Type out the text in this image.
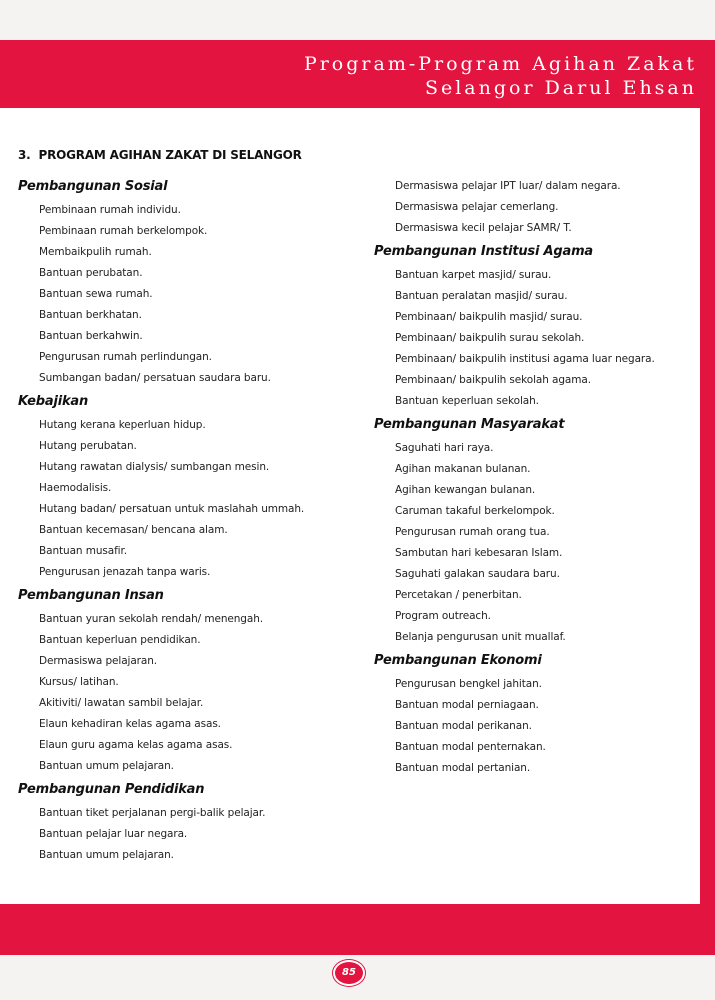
Program-Program Agihan Zakat
Selangor Darul Ehsan
3. PROGRAM AGIHAN ZAKAT DI SELANGOR
Pembangunan Sosial
Pembinaan rumah individu.
Pembinaan rumah berkelompok.
Membaikpulih rumah.
Bantuan perubatan.
Bantuan sewa rumah.
Bantuan berkhatan.
Bantuan berkahwin.
Pengurusan rumah perlindungan.
Sumbangan badan/ persatuan saudara baru.
Kebajikan
Hutang kerana keperluan hidup.
Hutang perubatan.
Hutang rawatan dialysis/ sumbangan mesin.
Haemodalisis.
Hutang badan/ persatuan untuk maslahah ummah.
Bantuan kecemasan/ bencana alam.
Bantuan musafir.
Pengurusan jenazah tanpa waris.
Pembangunan Insan
Bantuan yuran sekolah rendah/ menengah.
Bantuan keperluan pendidikan.
Dermasiswa pelajaran.
Kursus/ latihan.
Akitiviti/ lawatan sambil belajar.
Elaun kehadiran kelas agama asas.
Elaun guru agama kelas agama asas.
Bantuan umum pelajaran.
Pembangunan Pendidikan
Bantuan tiket perjalanan pergi-balik pelajar.
Bantuan pelajar luar negara.
Bantuan umum pelajaran.
Dermasiswa pelajar IPT luar/ dalam negara.
Dermasiswa pelajar cemerlang.
Dermasiswa kecil pelajar SAMR/ T.
Pembangunan Institusi Agama
Bantuan karpet masjid/ surau.
Bantuan peralatan masjid/ surau.
Pembinaan/ baikpulih masjid/ surau.
Pembinaan/ baikpulih surau sekolah.
Pembinaan/ baikpulih institusi agama luar negara.
Pembinaan/ baikpulih sekolah agama.
Bantuan keperluan sekolah.
Pembangunan Masyarakat
Saguhati hari raya.
Agihan makanan bulanan.
Agihan kewangan bulanan.
Caruman takaful berkelompok.
Pengurusan rumah orang tua.
Sambutan hari kebesaran Islam.
Saguhati galakan saudara baru.
Percetakan / penerbitan.
Program outreach.
Belanja pengurusan unit muallaf.
Pembangunan Ekonomi
Pengurusan bengkel jahitan.
Bantuan modal perniagaan.
Bantuan modal perikanan.
Bantuan modal penternakan.
Bantuan modal pertanian.
85
